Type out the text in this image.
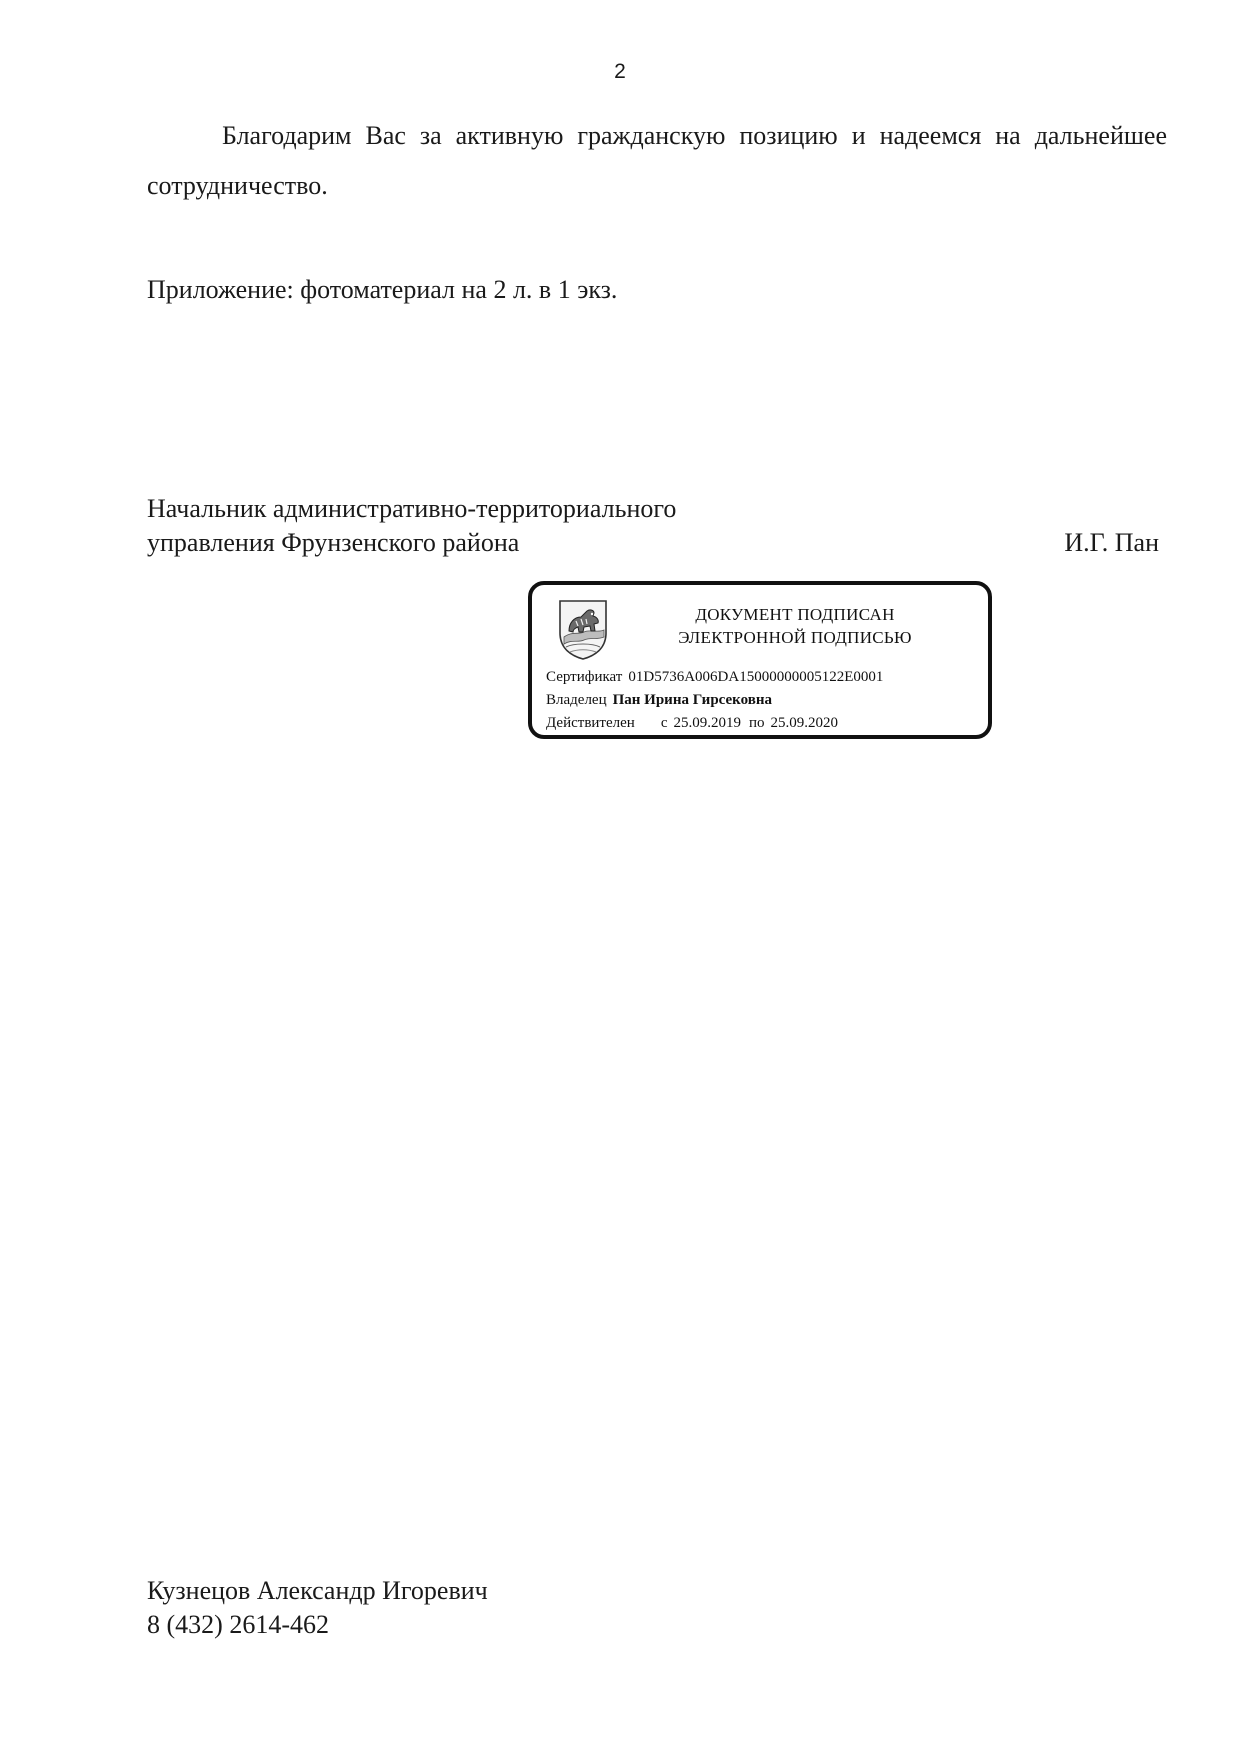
2
Благодарим Вас за активную гражданскую позицию и надеемся на дальнейшее сотрудничество.
Приложение: фотоматериал на 2 л. в 1 экз.
Начальник административно-территориального
управления Фрунзенского района	И.Г. Пан
ДОКУМЕНТ ПОДПИСАН
ЭЛЕКТРОННОЙ ПОДПИСЬЮ
Сертификат 01D5736A006DA15000000005122E0001
Владелец Пан Ирина Гирсековна
Действителен с 25.09.2019 по 25.09.2020
Кузнецов Александр Игоревич
8 (432) 2614-462
